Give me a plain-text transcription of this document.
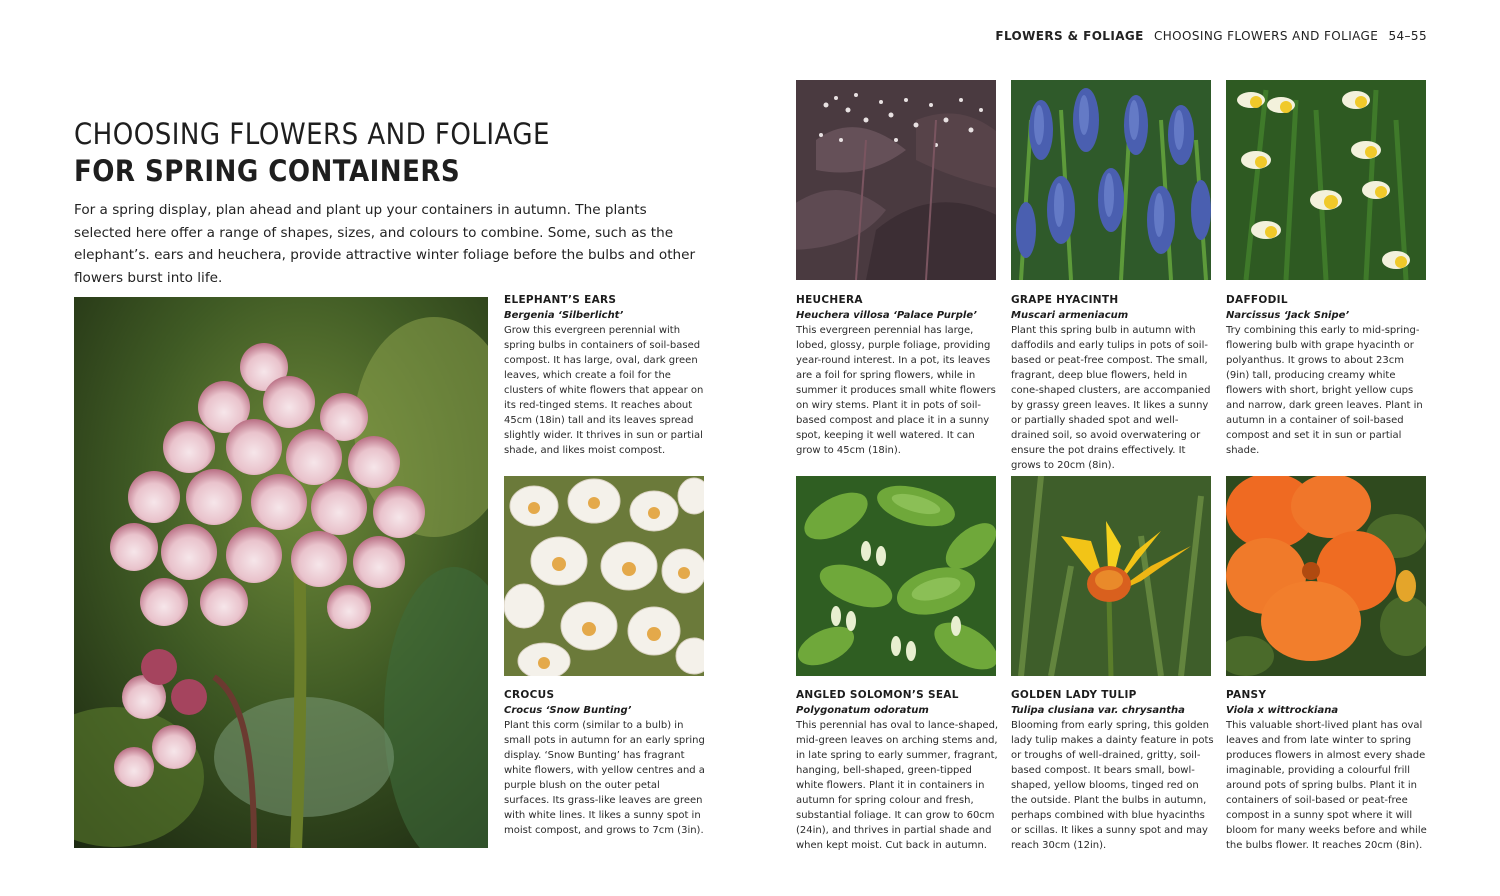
FLOWERS & FOLIAGE CHOOSING FLOWERS AND FOLIAGE 54–55
CHOOSING FLOWERS AND FOLIAGE
FOR SPRING CONTAINERS

For a spring display, plan ahead and plant up your containers in autumn. The plants selected here offer a range of shapes, sizes, and colours to combine. Some, such as the elephant’s. ears and heuchera, provide attractive winter foliage before the bulbs and other flowers burst into life.

ELEPHANT’S EARS
Bergenia ‘Silberlicht’
Grow this evergreen perennial with spring bulbs in containers of soil-based compost. It has large, oval, dark green leaves, which create a foil for the clusters of white flowers that appear on its red-tinged stems. It reaches about 45cm (18in) tall and its leaves spread slightly wider. It thrives in sun or partial shade, and likes moist compost.
HEUCHERA
Heuchera villosa ‘Palace Purple’
This evergreen perennial has large, lobed, glossy, purple foliage, providing year-round interest. In a pot, its leaves are a foil for spring flowers, while in summer it produces small white flowers on wiry stems. Plant it in pots of soil-based compost and place it in a sunny spot, keeping it well watered. It can grow to 45cm (18in).
GRAPE HYACINTH
Muscari armeniacum
Plant this spring bulb in autumn with daffodils and early tulips in pots of soil-based or peat-free compost. The small, fragrant, deep blue flowers, held in cone-shaped clusters, are accompanied by grassy green leaves. It likes a sunny or partially shaded spot and well-drained soil, so avoid overwatering or ensure the pot drains effectively. It grows to 20cm (8in).
DAFFODIL
Narcissus ‘Jack Snipe’
Try combining this early to mid-spring-flowering bulb with grape hyacinth or polyanthus. It grows to about 23cm (9in) tall, producing creamy white flowers with short, bright yellow cups and narrow, dark green leaves. Plant in autumn in a container of soil-based compost and set it in sun or partial shade.
CROCUS
Crocus ‘Snow Bunting’
Plant this corm (similar to a bulb) in small pots in autumn for an early spring display. ‘Snow Bunting’ has fragrant white flowers, with yellow centres and a purple blush on the outer petal surfaces. Its grass-like leaves are green with white lines. It likes a sunny spot in moist compost, and grows to 7cm (3in).
ANGLED SOLOMON’S SEAL
Polygonatum odoratum
This perennial has oval to lance-shaped, mid-green leaves on arching stems and, in late spring to early summer, fragrant, hanging, bell-shaped, green-tipped white flowers. Plant it in containers in autumn for spring colour and fresh, substantial foliage. It can grow to 60cm (24in), and thrives in partial shade and when kept moist. Cut back in autumn.
GOLDEN LADY TULIP
Tulipa clusiana var. chrysantha
Blooming from early spring, this golden lady tulip makes a dainty feature in pots or troughs of well-drained, gritty, soil-based compost. It bears small, bowl-shaped, yellow blooms, tinged red on the outside. Plant the bulbs in autumn, perhaps combined with blue hyacinths or scillas. It likes a sunny spot and may reach 30cm (12in).
PANSY
Viola x wittrockiana
This valuable short-lived plant has oval leaves and from late winter to spring produces flowers in almost every shade imaginable, providing a colourful frill around pots of spring bulbs. Plant it in containers of soil-based or peat-free compost in a sunny spot where it will bloom for many weeks before and while the bulbs flower. It reaches 20cm (8in).
